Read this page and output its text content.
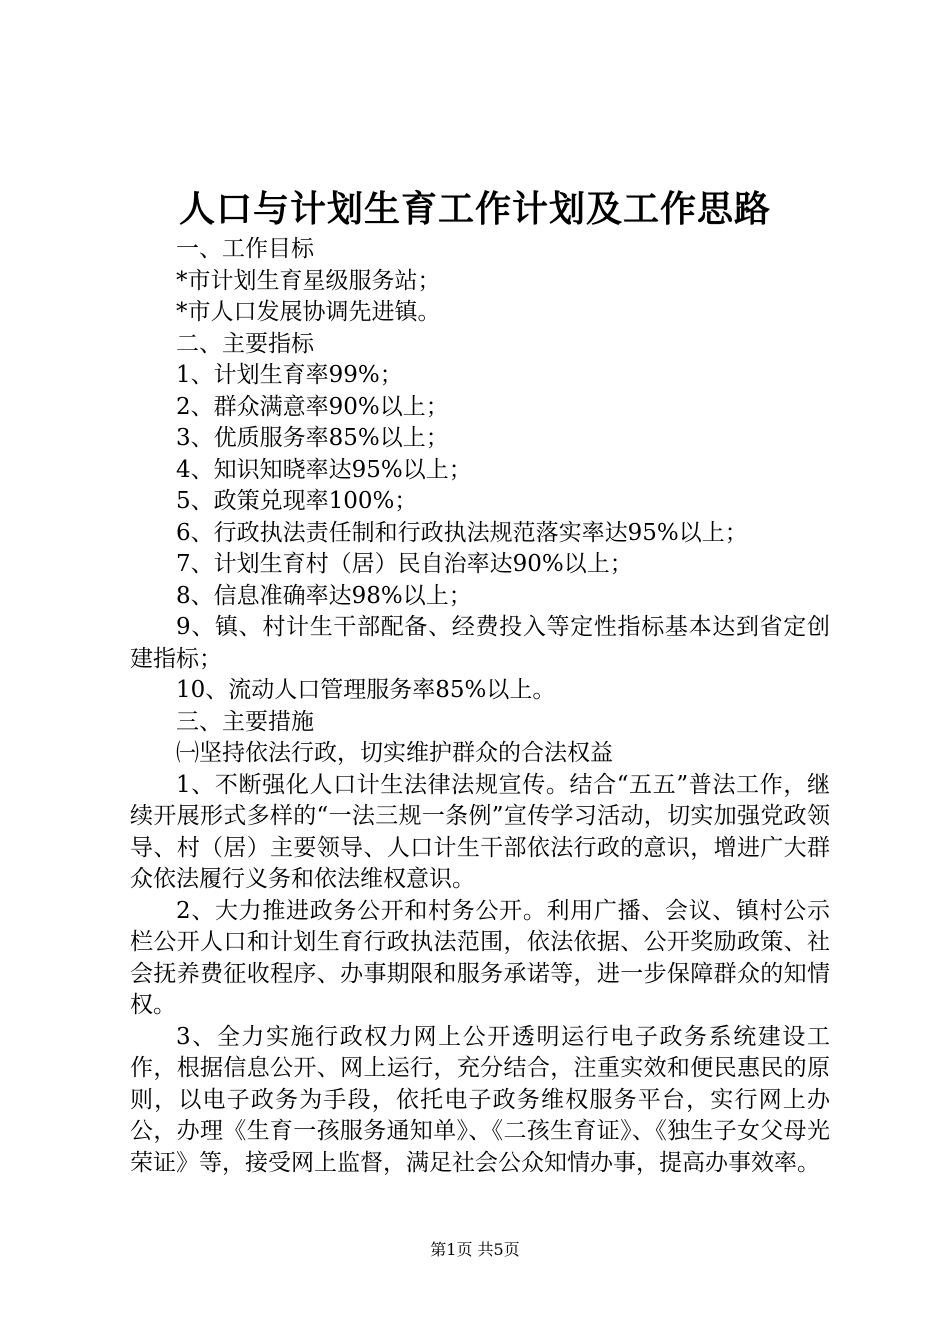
人口与计划生育工作计划及工作思路

一、工作目标

*市计划生育星级服务站；

*市人口发展协调先进镇。

二、主要指标

1、计划生育率99%；

2、群众满意率90%以上；

3、优质服务率85%以上；

4、知识知晓率达95%以上；

5、政策兑现率100%；

6、行政执法责任制和行政执法规范落实率达95%以上；

7、计划生育村（居）民自治率达90%以上；

8、信息准确率达98%以上；

9、镇、村计生干部配备、经费投入等定性指标基本达到省定创建指标；

10、流动人口管理服务率85%以上。

三、主要措施

㈠坚持依法行政，切实维护群众的合法权益

1、不断强化人口计生法律法规宣传。结合“五五”普法工作，继续开展形式多样的“一法三规一条例”宣传学习活动，切实加强党政领导、村（居）主要领导、人口计生干部依法行政的意识，增进广大群众依法履行义务和依法维权意识。

2、大力推进政务公开和村务公开。利用广播、会议、镇村公示栏公开人口和计划生育行政执法范围，依法依据、公开奖励政策、社会抚养费征收程序、办事期限和服务承诺等，进一步保障群众的知情权。

3、全力实施行政权力网上公开透明运行电子政务系统建设工作，根据信息公开、网上运行，充分结合，注重实效和便民惠民的原则，以电子政务为手段，依托电子政务维权服务平台，实行网上办公，办理《生育一孩服务通知单》、《二孩生育证》、《独生子女父母光荣证》等，接受网上监督，满足社会公众知情办事，提高办事效率。

第1页 共5页
